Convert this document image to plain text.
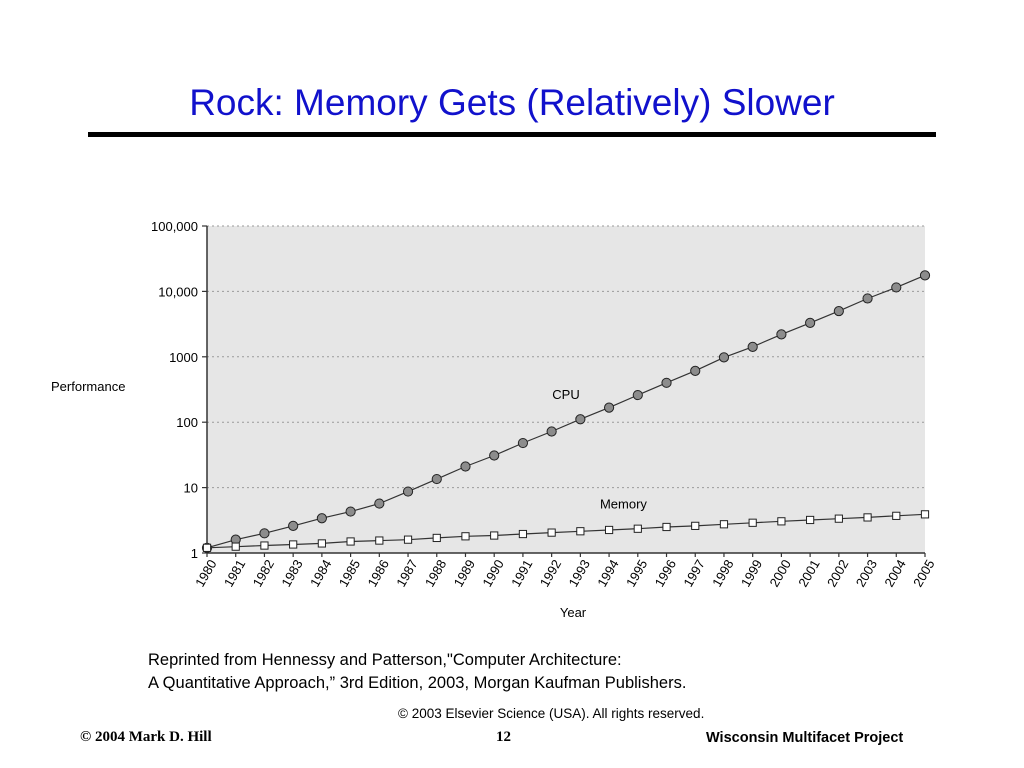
Rock: Memory Gets (Relatively) Slower
1
10
100
1000
10,000
100,000
1980 1981 1982 1983 1984 1985 1986 1987 1988 1989 1990 1991 1992 1993 1994 1995 1996 1997 1998 1999 2000 2001 2002 2003 2004 2005
Performance
Year
CPU
Memory
Reprinted from Hennessy and Patterson,"Computer Architecture:
A Quantitative Approach,” 3rd Edition, 2003, Morgan Kaufman Publishers.
© 2003 Elsevier Science (USA). All rights reserved.
© 2004 Mark D. Hill	12	Wisconsin Multifacet Project
